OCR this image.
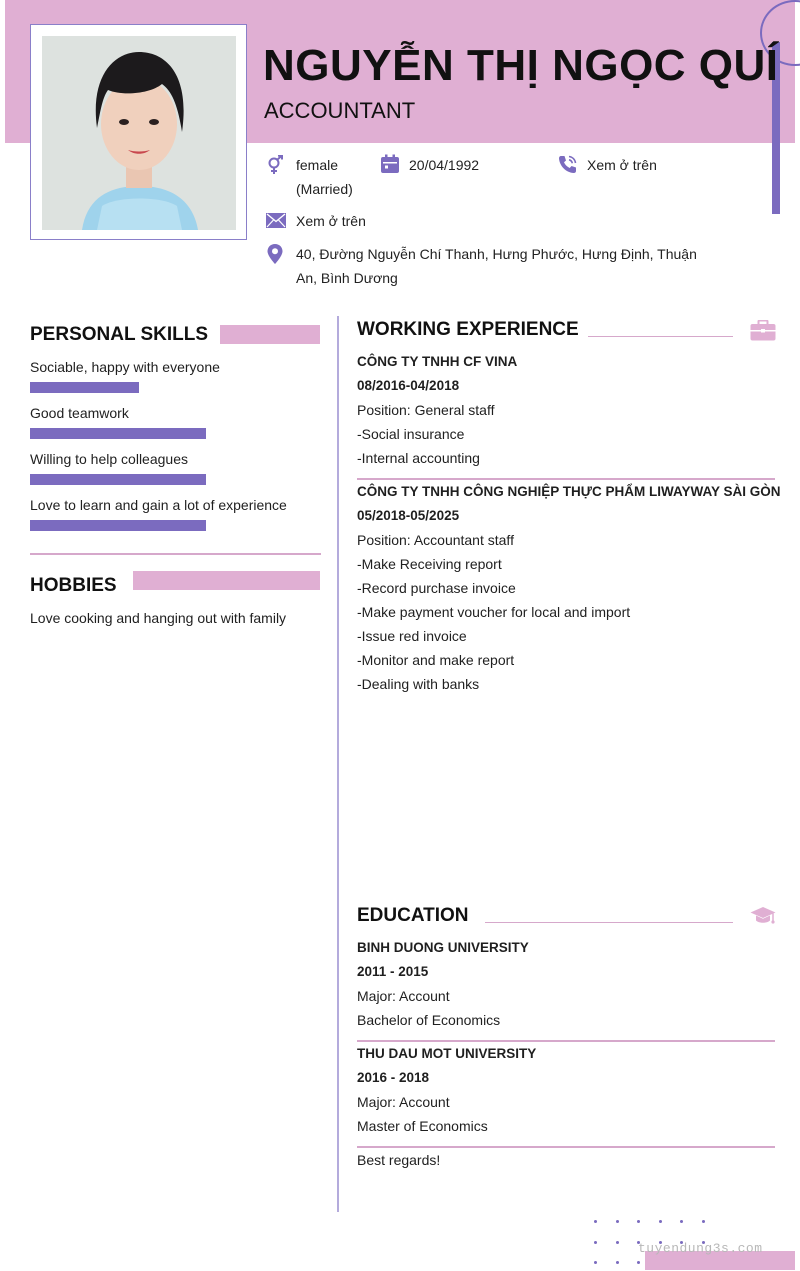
NGUYỄN THỊ NGỌC QUÍ
ACCOUNTANT
female
(Married)
20/04/1992	Xem ở trên
Xem ở trên
40, Đường Nguyễn Chí Thanh, Hưng Phước, Hưng Định, Thuận
An, Bình Dương
PERSONAL SKILLS
Sociable, happy with everyone
Good teamwork
Willing to help colleagues
Love to learn and gain a lot of experience
HOBBIES
Love cooking and hanging out with family
WORKING EXPERIENCE
CÔNG TY TNHH CF VINA
08/2016-04/2018
Position: General staff
-Social insurance
-Internal accounting
CÔNG TY TNHH CÔNG NGHIỆP THỰC PHẨM LIWAYWAY SÀI GÒN
05/2018-05/2025
Position: Accountant staff
-Make Receiving report
-Record purchase invoice
-Make payment voucher for local and import
-Issue red invoice
-Monitor and make report
-Dealing with banks
EDUCATION
BINH DUONG UNIVERSITY
2011 - 2015
Major: Account
Bachelor of Economics
THU DAU MOT UNIVERSITY
2016 - 2018
Major: Account
Master of Economics
Best regards!
tuyendung3s.com
